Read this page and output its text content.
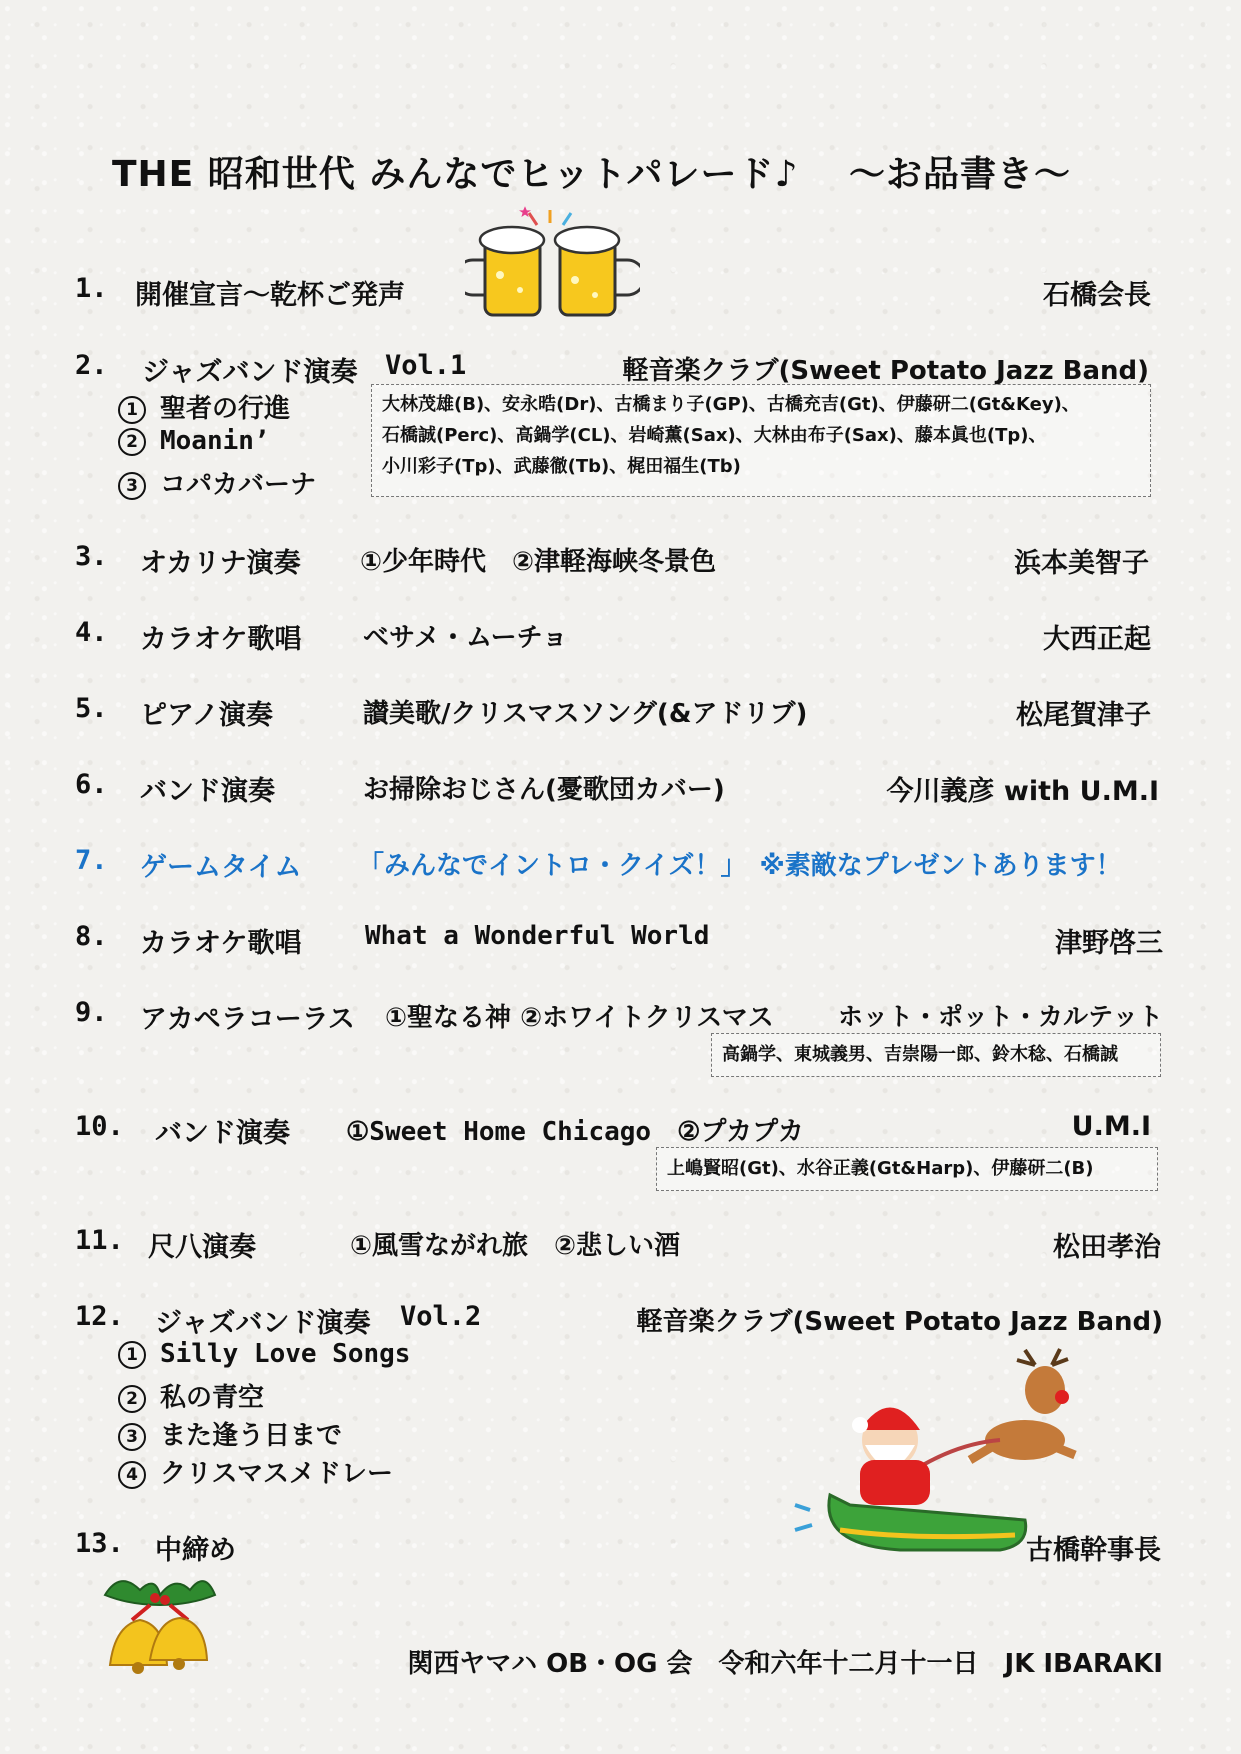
THE 昭和世代 みんなでヒットパレード♪　 ～お品書き～
1. 開催宣言～乾杯ご発声	石橋会長
2. ジャズバンド演奏 Vol.1	軽音楽クラブ(Sweet Potato Jazz Band)
1 聖者の行進
2 Moanin’
3 コパカバーナ
大林茂雄(B)、安永晧(Dr)、古橋まり子(GP)、古橋充吉(Gt)、伊藤研二(Gt&Key)、
石橋誠(Perc)、高鍋学(CL)、岩崎薫(Sax)、大林由布子(Sax)、藤本眞也(Tp)、
小川彩子(Tp)、武藤徹(Tb)、梶田福生(Tb)
3. オカリナ演奏 ①少年時代　②津軽海峡冬景色	浜本美智子
4. カラオケ歌唱 ベサメ・ムーチョ	大西正起
5. ピアノ演奏	讃美歌/クリスマスソング(&アドリブ)	松尾賀津子
6. バンド演奏	お掃除おじさん(憂歌団カバー)	今川義彦 with U.M.I
7. ゲームタイム 「みんなでイントロ・クイズ！」　※素敵なプレゼントあります！
8. カラオケ歌唱 What a Wonderful World	津野啓三
9. アカペラコーラス ①聖なる神 ②ホワイトクリスマス	ホット・ポット・カルテット
高鍋学、東城義男、吉崇陽一郎、鈴木稔、石橋誠
10. バンド演奏 ①Sweet Home Chicago　②プカプカ	U.M.I
上嶋賢昭(Gt)、水谷正義(Gt&Harp)、伊藤研二(B)
11. 尺八演奏	①風雪ながれ旅　②悲しい酒	松田孝治
12. ジャズバンド演奏 Vol.2	軽音楽クラブ(Sweet Potato Jazz Band)
1 Silly Love Songs
2 私の青空
3 また逢う日まで
4 クリスマスメドレー
13. 中締め	古橋幹事長
関西ヤマハ OB・OG 会　令和六年十二月十一日　JK IBARAKI
